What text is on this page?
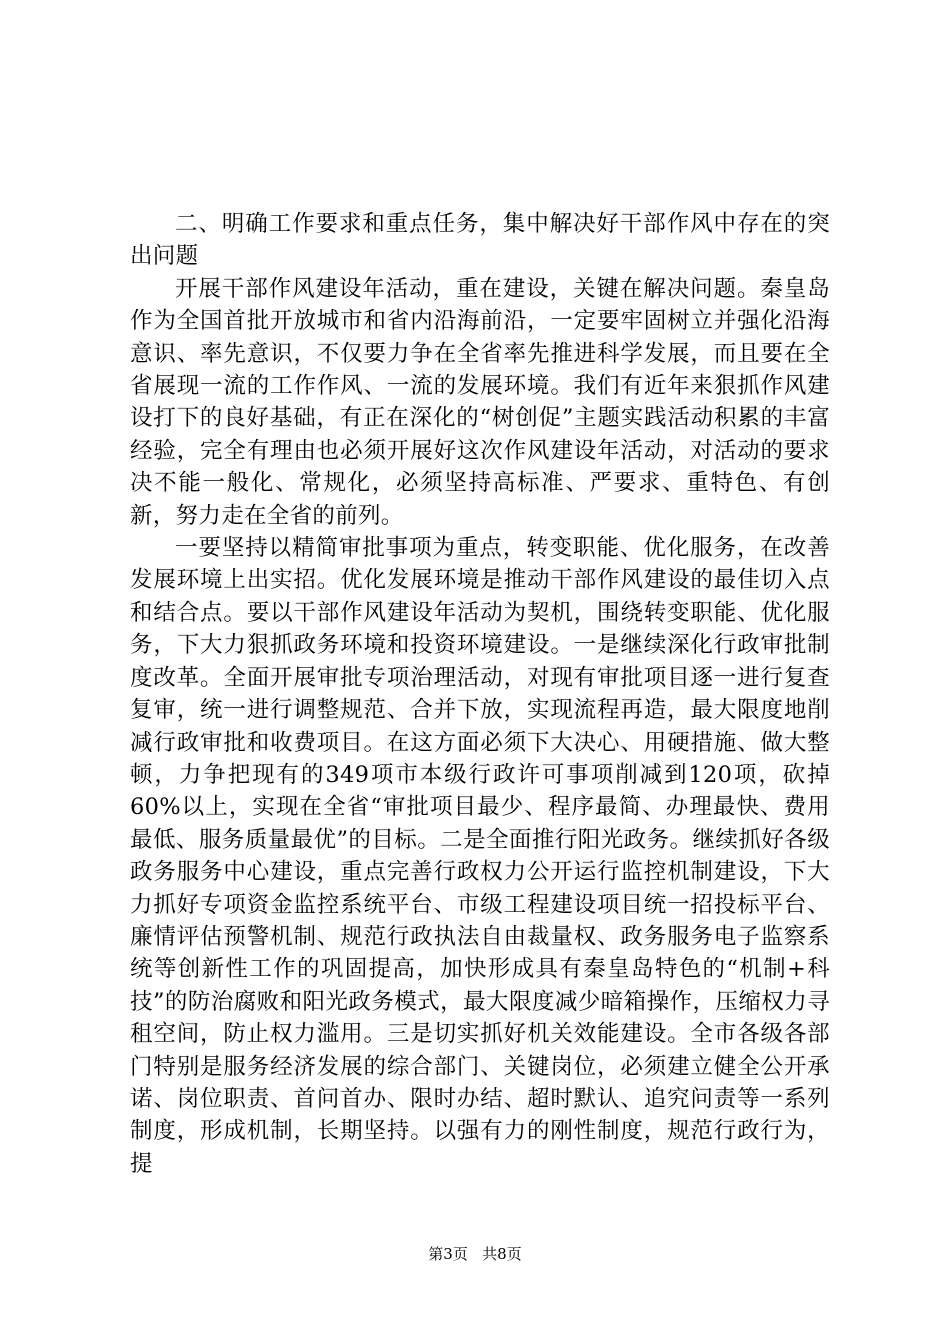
二、明确工作要求和重点任务，集中解决好干部作风中存在的突出问题

开展干部作风建设年活动，重在建设，关键在解决问题。秦皇岛作为全国首批开放城市和省内沿海前沿，一定要牢固树立并强化沿海意识、率先意识，不仅要力争在全省率先推进科学发展，而且要在全省展现一流的工作作风、一流的发展环境。我们有近年来狠抓作风建设打下的良好基础，有正在深化的“树创促”主题实践活动积累的丰富经验，完全有理由也必须开展好这次作风建设年活动，对活动的要求决不能一般化、常规化，必须坚持高标准、严要求、重特色、有创新，努力走在全省的前列。

一要坚持以精简审批事项为重点，转变职能、优化服务，在改善发展环境上出实招。优化发展环境是推动干部作风建设的最佳切入点和结合点。要以干部作风建设年活动为契机，围绕转变职能、优化服务，下大力狠抓政务环境和投资环境建设。一是继续深化行政审批制度改革。全面开展审批专项治理活动，对现有审批项目逐一进行复查复审，统一进行调整规范、合并下放，实现流程再造，最大限度地削减行政审批和收费项目。在这方面必须下大决心、用硬措施、做大整顿，力争把现有的349项市本级行政许可事项削减到120项，砍掉60%以上，实现在全省“审批项目最少、程序最简、办理最快、费用最低、服务质量最优”的目标。二是全面推行阳光政务。继续抓好各级政务服务中心建设，重点完善行政权力公开运行监控机制建设，下大力抓好专项资金监控系统平台、市级工程建设项目统一招投标平台、廉情评估预警机制、规范行政执法自由裁量权、政务服务电子监察系统等创新性工作的巩固提高，加快形成具有秦皇岛特色的“机制+科技”的防治腐败和阳光政务模式，最大限度减少暗箱操作，压缩权力寻租空间，防止权力滥用。三是切实抓好机关效能建设。全市各级各部门特别是服务经济发展的综合部门、关键岗位，必须建立健全公开承诺、岗位职责、首问首办、限时办结、超时默认、追究问责等一系列制度，形成机制，长期坚持。以强有力的刚性制度，规范行政行为，提

第3页 共8页
